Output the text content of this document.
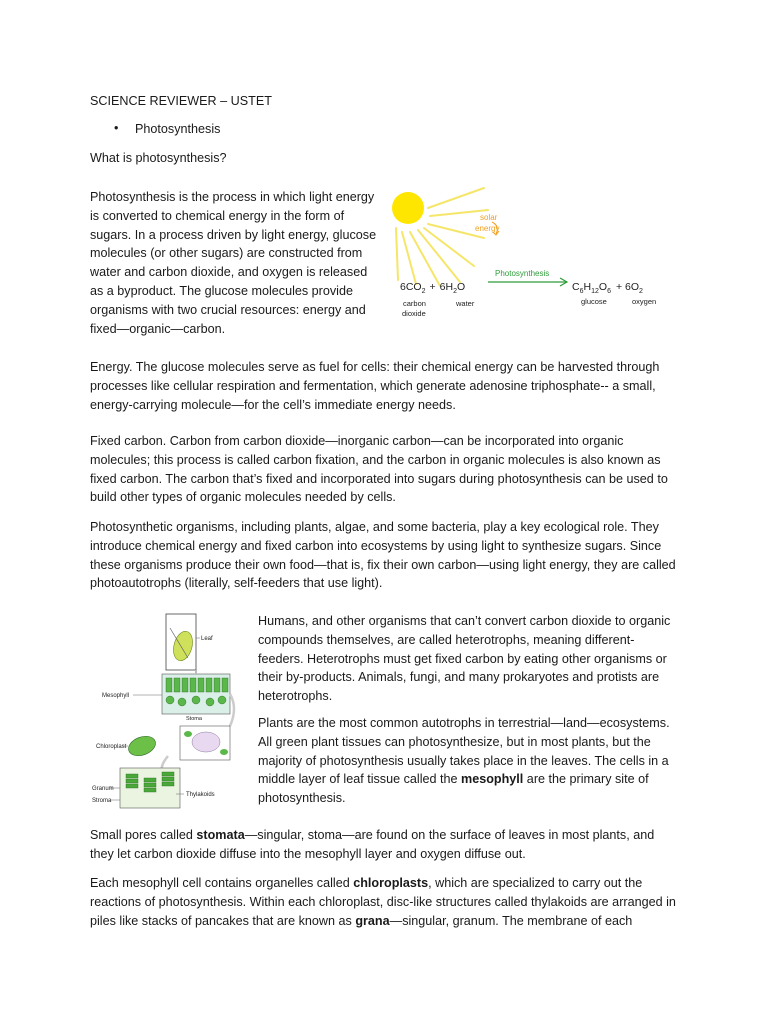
SCIENCE REVIEWER – USTET
• Photosynthesis
What is photosynthesis?

Photosynthesis is the process in which light energy is converted to chemical energy in the form of sugars. In a process driven by light energy, glucose molecules (or other sugars) are constructed from water and carbon dioxide, and oxygen is released as a byproduct. The glucose molecules provide organisms with two crucial resources: energy and fixed—organic—carbon.

solar
energy
Photosynthesis
$6CO_2 + 6H_2O$	$C_6H_{12}O_6 + 6O_2$
carbon
dioxide
water	glucose	oxygen

Energy. The glucose molecules serve as fuel for cells: their chemical energy can be harvested through processes like cellular respiration and fermentation, which generate adenosine triphosphate-- a small, energy-carrying molecule—for the cell’s immediate energy needs.

Fixed carbon. Carbon from carbon dioxide—inorganic carbon—can be incorporated into organic molecules; this process is called carbon fixation, and the carbon in organic molecules is also known as fixed carbon. The carbon that’s fixed and incorporated into sugars during photosynthesis can be used to build other types of organic molecules needed by cells.

Photosynthetic organisms, including plants, algae, and some bacteria, play a key ecological role. They introduce chemical energy and fixed carbon into ecosystems by using light to synthesize sugars. Since these organisms produce their own food—that is, fix their own carbon—using light energy, they are called photoautotrophs (literally, self-feeders that use light).

Leaf
Mesophyll
Stoma
Chloroplast
Granum
Stroma
Thylakoids

Humans, and other organisms that can’t convert carbon dioxide to organic compounds themselves, are called heterotrophs, meaning different-feeders. Heterotrophs must get fixed carbon by eating other organisms or their by-products. Animals, fungi, and many prokaryotes and protists are heterotrophs.

Plants are the most common autotrophs in terrestrial—land—ecosystems. All green plant tissues can photosynthesize, but in most plants, but the majority of photosynthesis usually takes place in the leaves. The cells in a middle layer of leaf tissue called the mesophyll are the primary site of photosynthesis.

Small pores called stomata—singular, stoma—are found on the surface of leaves in most plants, and they let carbon dioxide diffuse into the mesophyll layer and oxygen diffuse out.

Each mesophyll cell contains organelles called chloroplasts, which are specialized to carry out the reactions of photosynthesis. Within each chloroplast, disc-like structures called thylakoids are arranged in piles like stacks of pancakes that are known as grana—singular, granum. The membrane of each
